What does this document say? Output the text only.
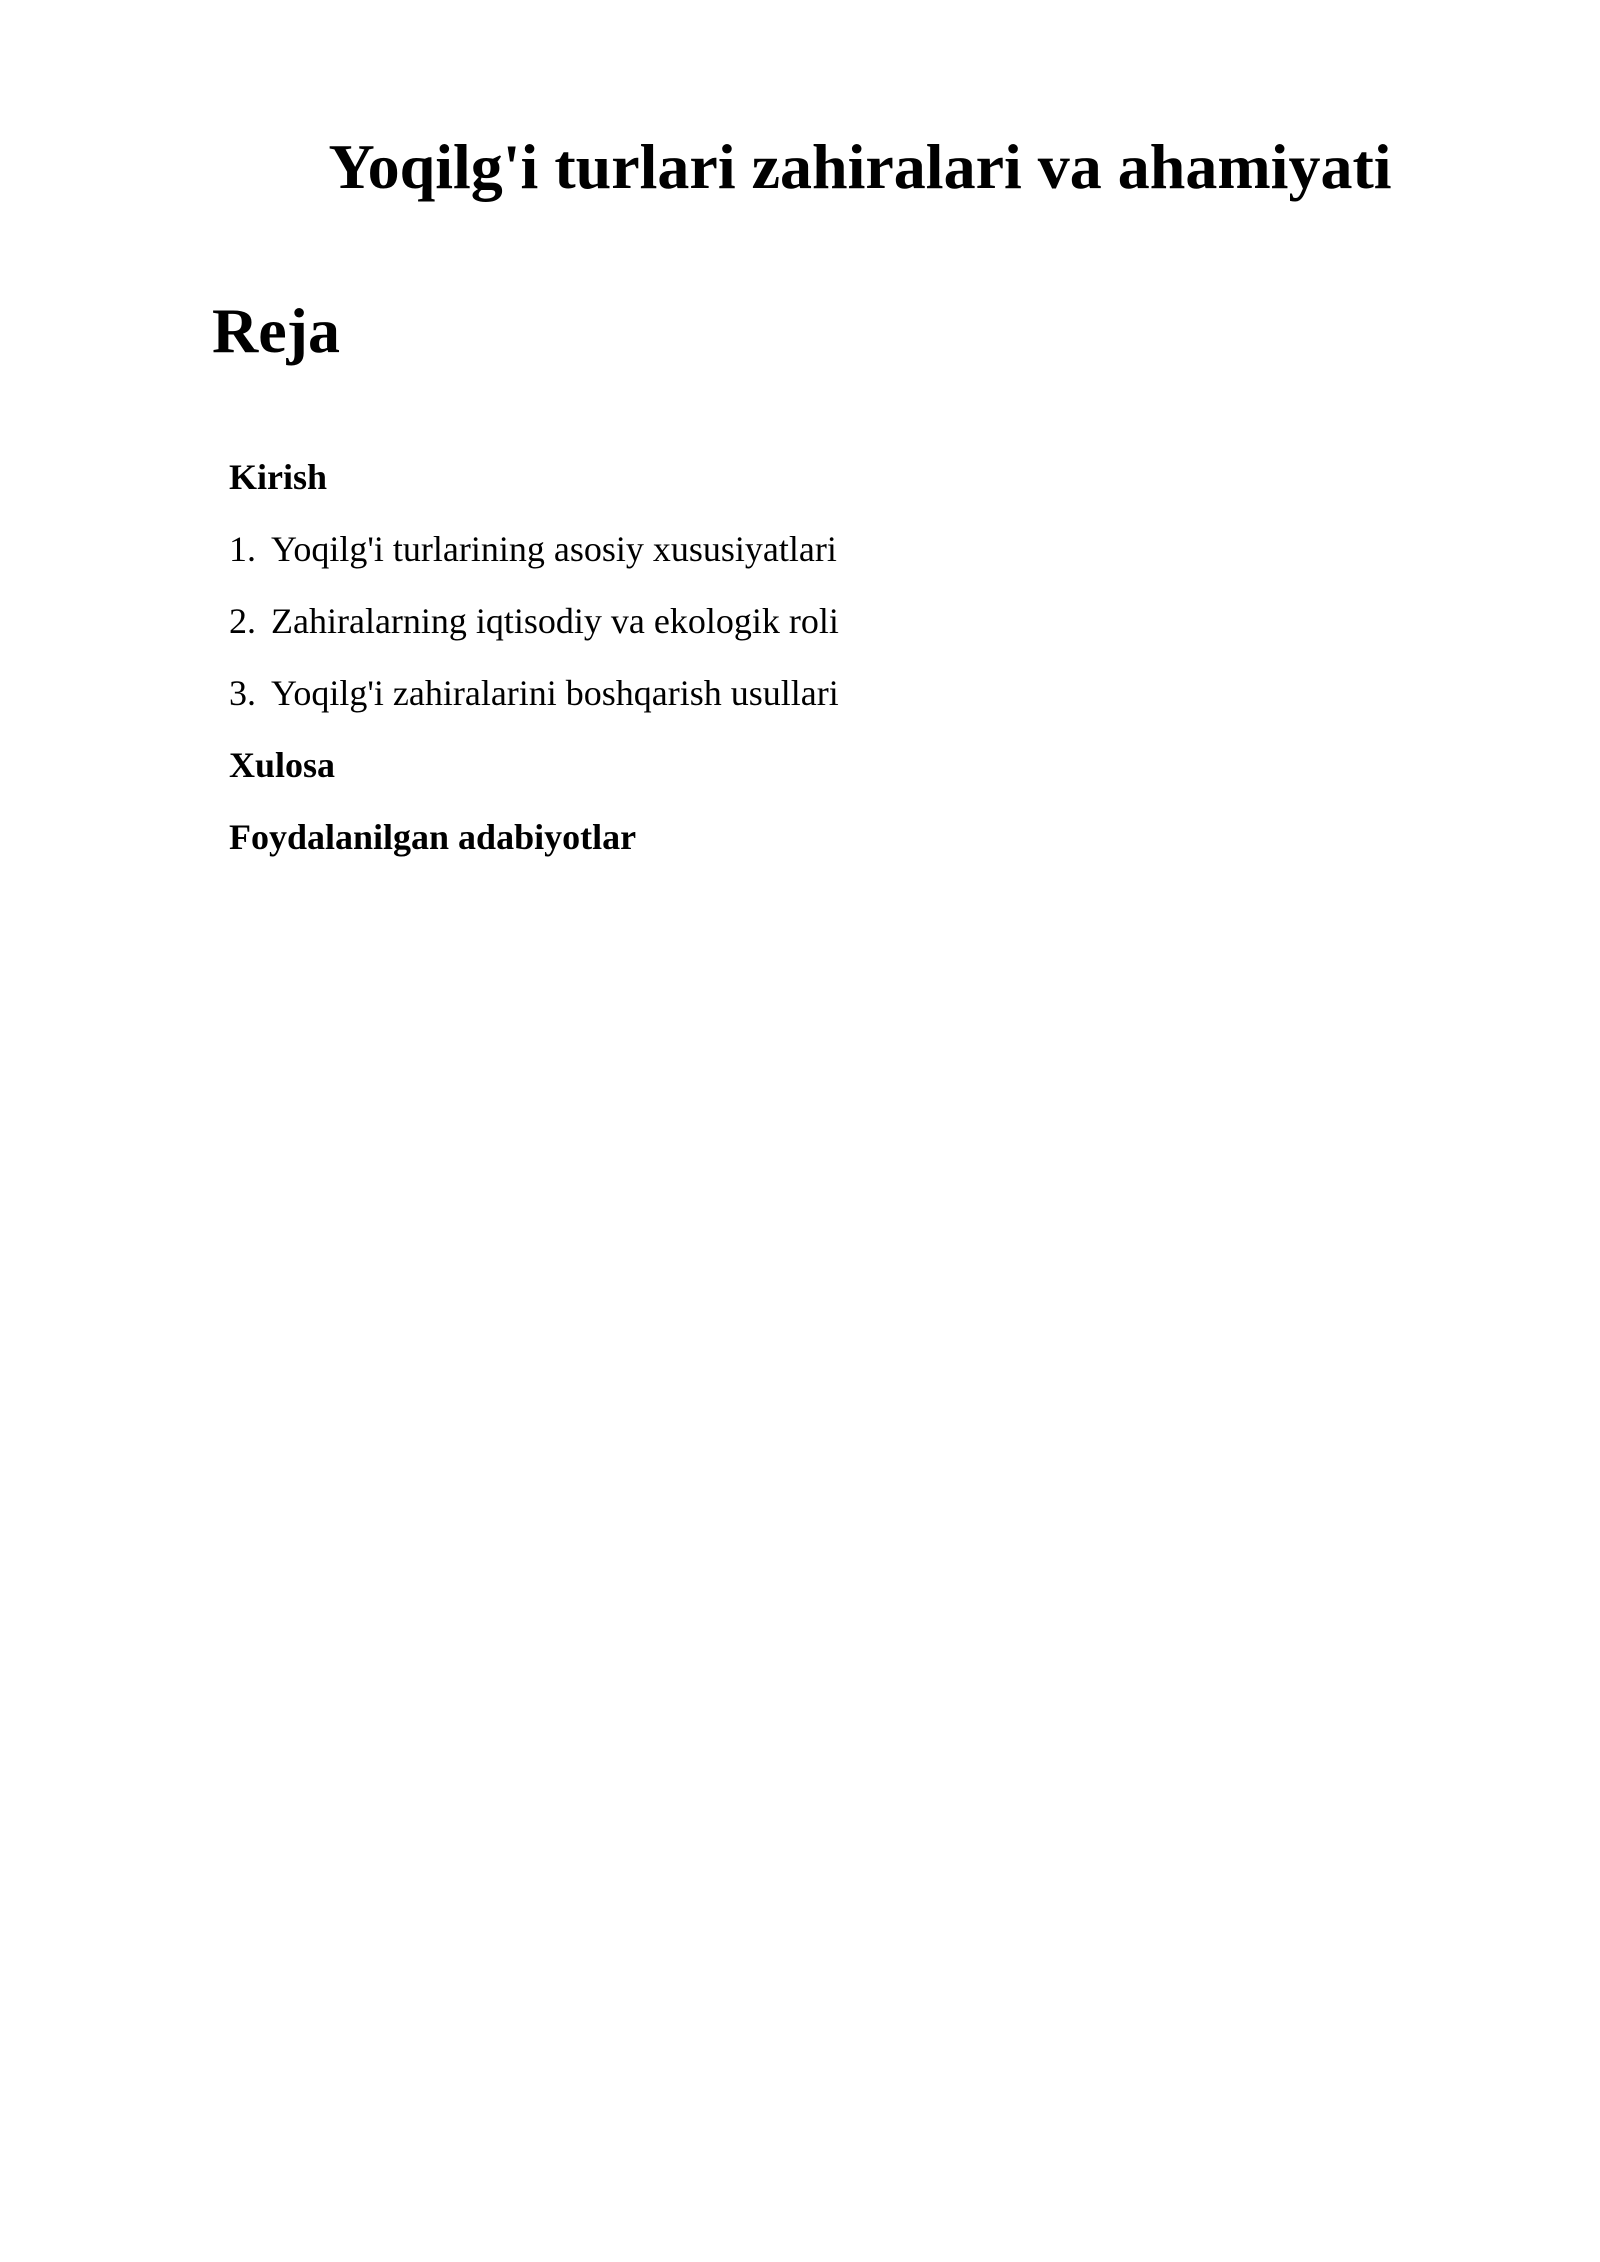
Yoqilg'i turlari zahiralari va ahamiyati
Reja
Kirish
1. Yoqilg'i turlarining asosiy xususiyatlari
2. Zahiralarning iqtisodiy va ekologik roli
3. Yoqilg'i zahiralarini boshqarish usullari
Xulosa
Foydalanilgan adabiyotlar
